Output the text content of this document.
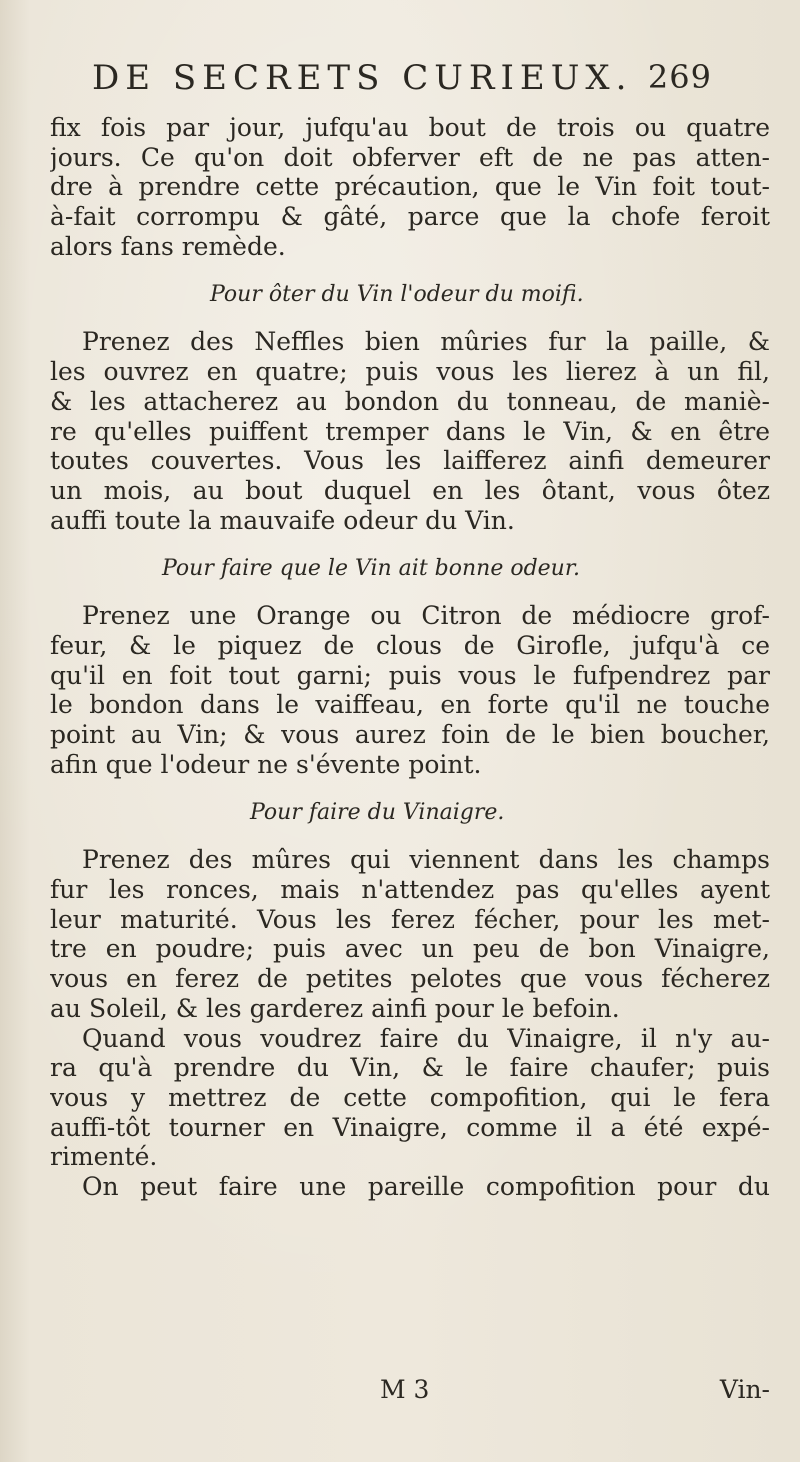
DE SECRETS CURIEUX. 269
fix fois par jour, jufqu'au bout de trois ou quatre
jours. Ce qu'on doit obferver eft de ne pas atten-
dre à prendre cette précaution, que le Vin foit tout-
à-fait corrompu & gâté, parce que la chofe feroit
alors fans remède.
Pour ôter du Vin l'odeur du moifi.
Prenez des Neffles bien mûries fur la paille, &
les ouvrez en quatre; puis vous les lierez à un fil,
& les attacherez au bondon du tonneau, de maniè-
re qu'elles puiffent tremper dans le Vin, & en être
toutes couvertes. Vous les laifferez ainfi demeurer
un mois, au bout duquel en les ôtant, vous ôtez
auffi toute la mauvaife odeur du Vin.
Pour faire que le Vin ait bonne odeur.
Prenez une Orange ou Citron de médiocre grof-
feur, & le piquez de clous de Girofle, jufqu'à ce
qu'il en foit tout garni; puis vous le fufpendrez par
le bondon dans le vaiffeau, en forte qu'il ne touche
point au Vin; & vous aurez foin de le bien boucher,
afin que l'odeur ne s'évente point.
Pour faire du Vinaigre.
Prenez des mûres qui viennent dans les champs
fur les ronces, mais n'attendez pas qu'elles ayent
leur maturité. Vous les ferez fécher, pour les met-
tre en poudre; puis avec un peu de bon Vinaigre,
vous en ferez de petites pelotes que vous fécherez
au Soleil, & les garderez ainfi pour le befoin.
Quand vous voudrez faire du Vinaigre, il n'y au-
ra qu'à prendre du Vin, & le faire chaufer; puis
vous y mettrez de cette compofition, qui le fera
auffi-tôt tourner en Vinaigre, comme il a été expé-
rimenté.
On peut faire une pareille compofition pour du
M 3	Vin-
